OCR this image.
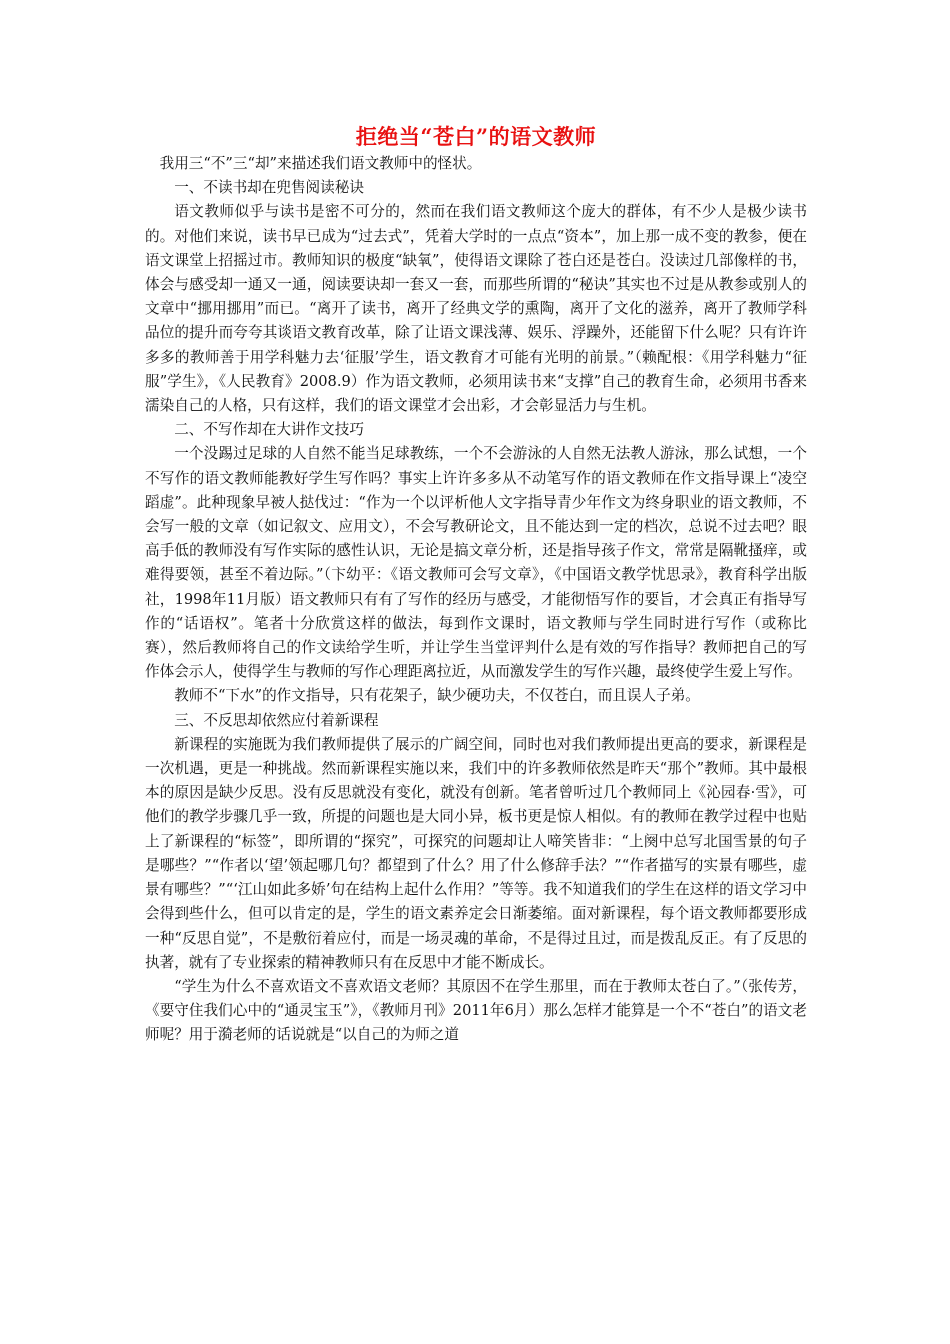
拒绝当“苍白”的语文教师

我用三“不”三“却”来描述我们语文教师中的怪状。

一、不读书却在兜售阅读秘诀

语文教师似乎与读书是密不可分的，然而在我们语文教师这个庞大的群体，有不少人是极少读书的。对他们来说，读书早已成为“过去式”，凭着大学时的一点点“资本”，加上那一成不变的教参，便在语文课堂上招摇过市。教师知识的极度“缺氧”，使得语文课除了苍白还是苍白。没读过几部像样的书，体会与感受却一通又一通，阅读要诀却一套又一套，而那些所谓的“秘诀”其实也不过是从教参或别人的文章中“挪用挪用”而已。“离开了读书，离开了经典文学的熏陶，离开了文化的滋养，离开了教师学科品位的提升而夸夸其谈语文教育改革，除了让语文课浅薄、娱乐、浮躁外，还能留下什么呢？只有许许多多的教师善于用学科魅力去‘征服’学生，语文教育才可能有光明的前景。”（赖配根：《用学科魅力“征服”学生》，《人民教育》2008.9）作为语文教师，必须用读书来“支撑”自己的教育生命，必须用书香来濡染自己的人格，只有这样，我们的语文课堂才会出彩，才会彰显活力与生机。

二、不写作却在大讲作文技巧

一个没踢过足球的人自然不能当足球教练，一个不会游泳的人自然无法教人游泳，那么试想，一个不写作的语文教师能教好学生写作吗？事实上许许多多从不动笔写作的语文教师在作文指导课上“凌空蹈虚”。此种现象早被人挞伐过：“作为一个以评析他人文字指导青少年作文为终身职业的语文教师，不会写一般的文章（如记叙文、应用文），不会写教研论文，且不能达到一定的档次，总说不过去吧？眼高手低的教师没有写作实际的感性认识，无论是搞文章分析，还是指导孩子作文，常常是隔靴搔痒，或难得要领，甚至不着边际。”（卞幼平：《语文教师可会写文章》，《中国语文教学忧思录》，教育科学出版社，1998年11月版）语文教师只有有了写作的经历与感受，才能彻悟写作的要旨，才会真正有指导写作的“话语权”。笔者十分欣赏这样的做法，每到作文课时，语文教师与学生同时进行写作（或称比赛），然后教师将自己的作文读给学生听，并让学生当堂评判什么是有效的写作指导？教师把自己的写作体会示人，使得学生与教师的写作心理距离拉近，从而激发学生的写作兴趣，最终使学生爱上写作。

教师不“下水”的作文指导，只有花架子，缺少硬功夫，不仅苍白，而且误人子弟。

三、不反思却依然应付着新课程

新课程的实施既为我们教师提供了展示的广阔空间，同时也对我们教师提出更高的要求，新课程是一次机遇，更是一种挑战。然而新课程实施以来，我们中的许多教师依然是昨天“那个”教师。其中最根本的原因是缺少反思。没有反思就没有变化，就没有创新。笔者曾听过几个教师同上《沁园春·雪》，可他们的教学步骤几乎一致，所提的问题也是大同小异，板书更是惊人相似。有的教师在教学过程中也贴上了新课程的“标签”，即所谓的“探究”，可探究的问题却让人啼笑皆非：“上阕中总写北国雪景的句子是哪些？”“作者以‘望’领起哪几句？都望到了什么？用了什么修辞手法？”“作者描写的实景有哪些，虚景有哪些？”“‘江山如此多娇’句在结构上起什么作用？”等等。我不知道我们的学生在这样的语文学习中会得到些什么，但可以肯定的是，学生的语文素养定会日渐萎缩。面对新课程，每个语文教师都要形成一种“反思自觉”，不是敷衍着应付，而是一场灵魂的革命，不是得过且过，而是拨乱反正。有了反思的执著，就有了专业探索的精神教师只有在反思中才能不断成长。

“学生为什么不喜欢语文不喜欢语文老师？其原因不在学生那里，而在于教师太苍白了。”（张传芳，《要守住我们心中的“通灵宝玉”》，《教师月刊》2011年6月）那么怎样才能算是一个不“苍白”的语文老师呢？用于漪老师的话说就是“以自己的为师之道
